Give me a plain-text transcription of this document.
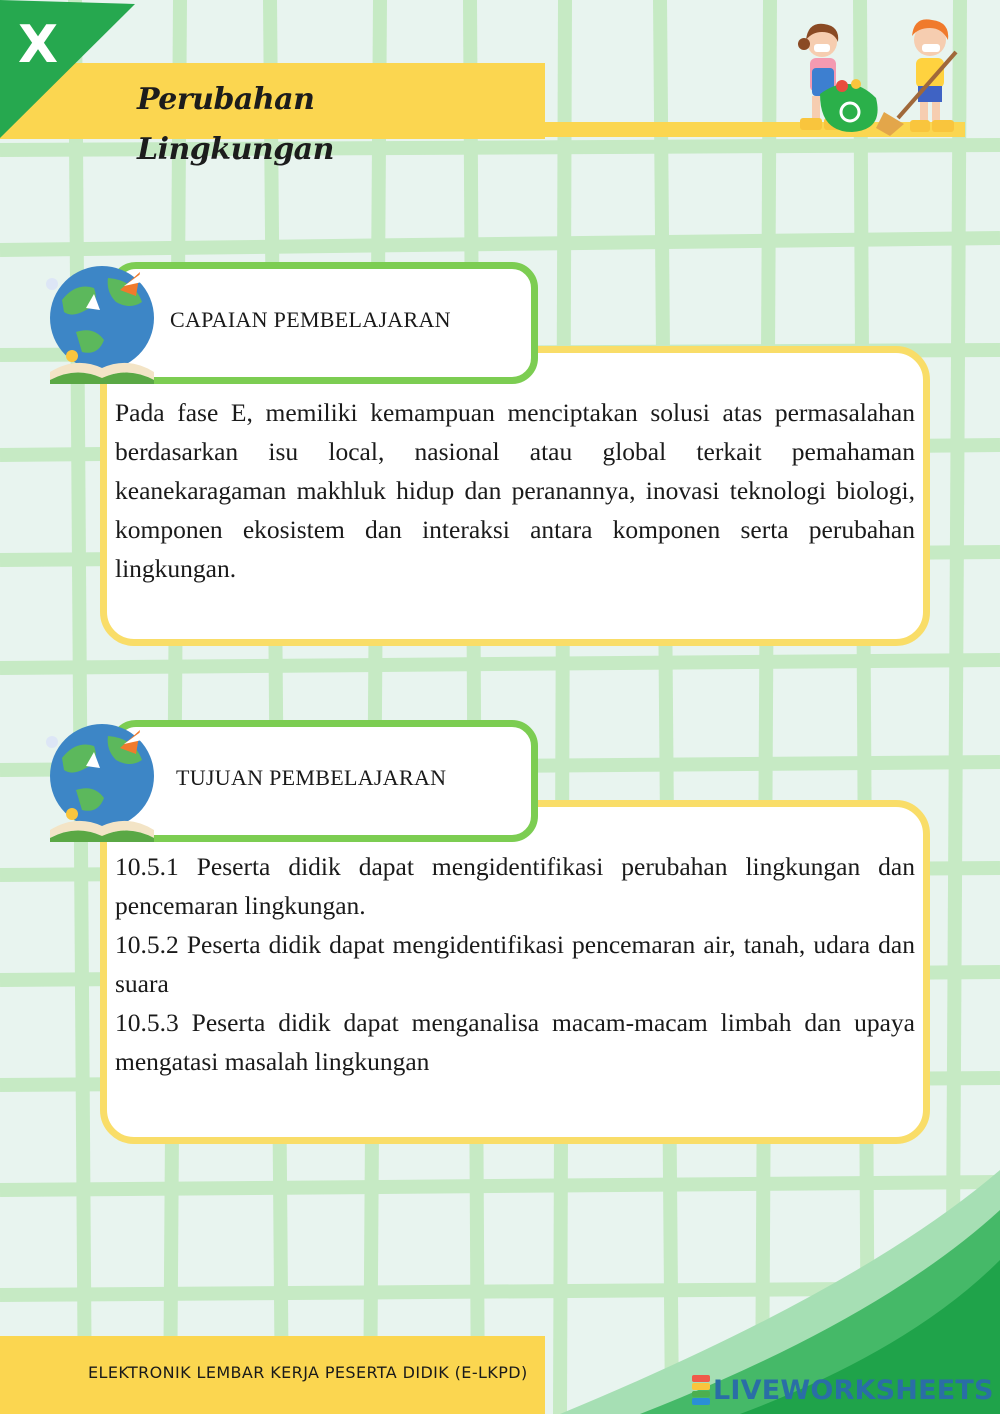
X
Perubahan Lingkungan
CAPAIAN PEMBELAJARAN

Pada fase E, memiliki kemampuan menciptakan solusi atas permasalahan berdasarkan isu local, nasional atau global terkait pemahaman keanekaragaman makhluk hidup dan peranannya, inovasi teknologi biologi, komponen ekosistem dan interaksi antara komponen serta perubahan lingkungan.

TUJUAN PEMBELAJARAN
10.5.1 Peserta didik dapat mengidentifikasi perubahan lingkungan dan pencemaran lingkungan.
10.5.2 Peserta didik dapat mengidentifikasi pencemaran air, tanah, udara dan suara
10.5.3 Peserta didik dapat menganalisa macam-macam limbah dan upaya mengatasi masalah lingkungan
ELEKTRONIK LEMBAR KERJA PESERTA DIDIK (E-LKPD)
LIVEWORKSHEETS
